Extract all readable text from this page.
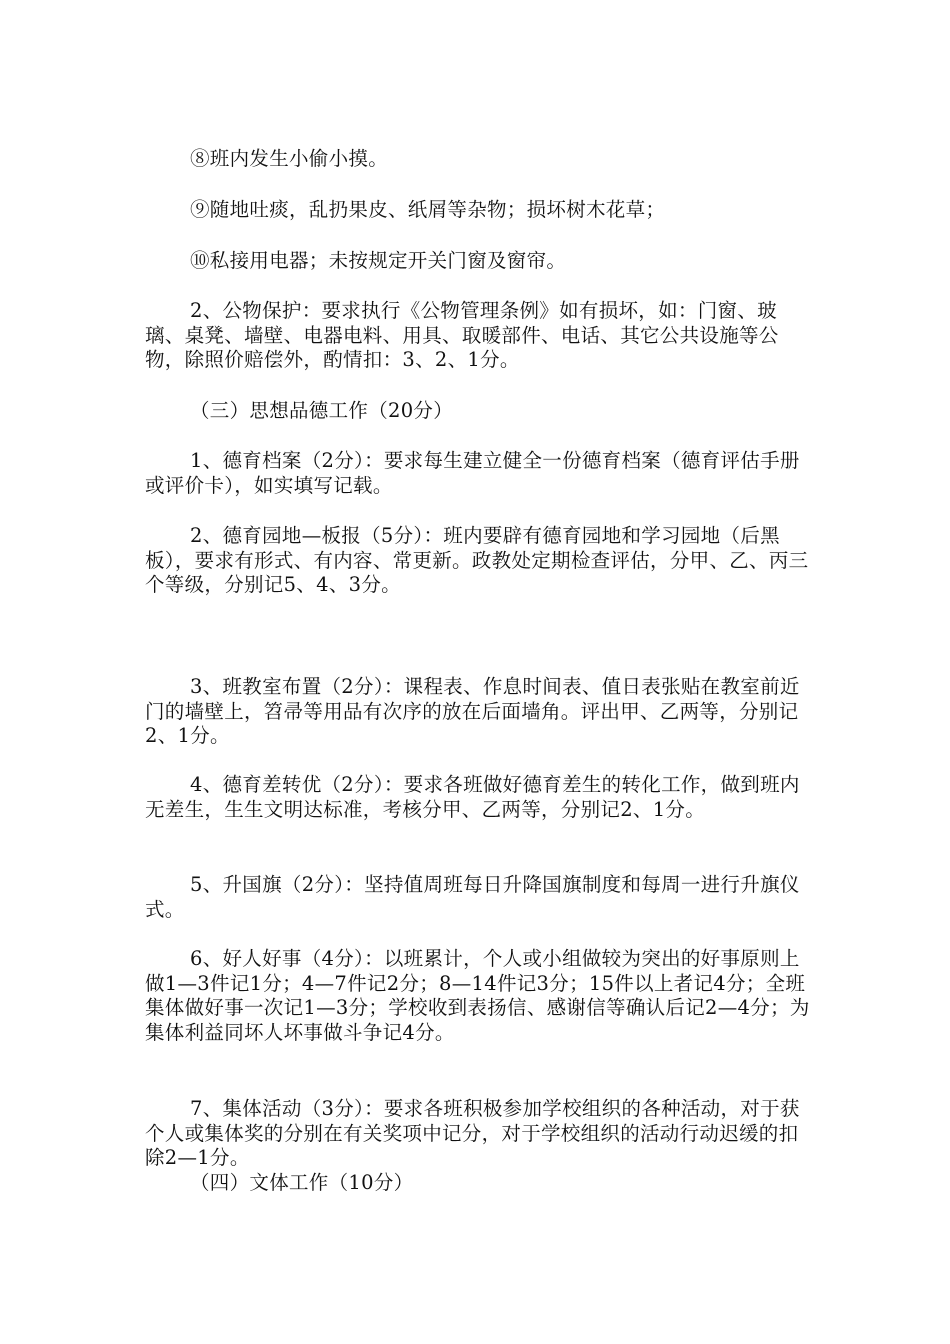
⑧班内发生小偷小摸。

⑨随地吐痰，乱扔果皮、纸屑等杂物；损坏树木花草；

⑩私接用电器；未按规定开关门窗及窗帘。

2、公物保护：要求执行《公物管理条例》如有损坏，如：门窗、玻璃、桌凳、墙壁、电器电料、用具、取暖部件、电话、其它公共设施等公物，除照价赔偿外，酌情扣：3、2、1分。

（三）思想品德工作（20分）

1、德育档案（2分）：要求每生建立健全一份德育档案（德育评估手册或评价卡），如实填写记载。

2、德育园地—板报（5分）：班内要辟有德育园地和学习园地（后黑板），要求有形式、有内容、常更新。政教处定期检查评估，分甲、乙、丙三个等级，分别记5、4、3分。

3、班教室布置（2分）：课程表、作息时间表、值日表张贴在教室前近门的墙壁上，笤帚等用品有次序的放在后面墙角。评出甲、乙两等，分别记2、1分。

4、德育差转优（2分）：要求各班做好德育差生的转化工作，做到班内无差生，生生文明达标准，考核分甲、乙两等，分别记2、1分。

5、升国旗（2分）：坚持值周班每日升降国旗制度和每周一进行升旗仪式。

6、好人好事（4分）：以班累计，个人或小组做较为突出的好事原则上做1—3件记1分；4—7件记2分；8—14件记3分；15件以上者记4分；全班集体做好事一次记1—3分；学校收到表扬信、感谢信等确认后记2—4分；为集体利益同坏人坏事做斗争记4分。

7、集体活动（3分）：要求各班积极参加学校组织的各种活动，对于获个人或集体奖的分别在有关奖项中记分，对于学校组织的活动行动迟缓的扣除2—1分。

（四）文体工作（10分）
